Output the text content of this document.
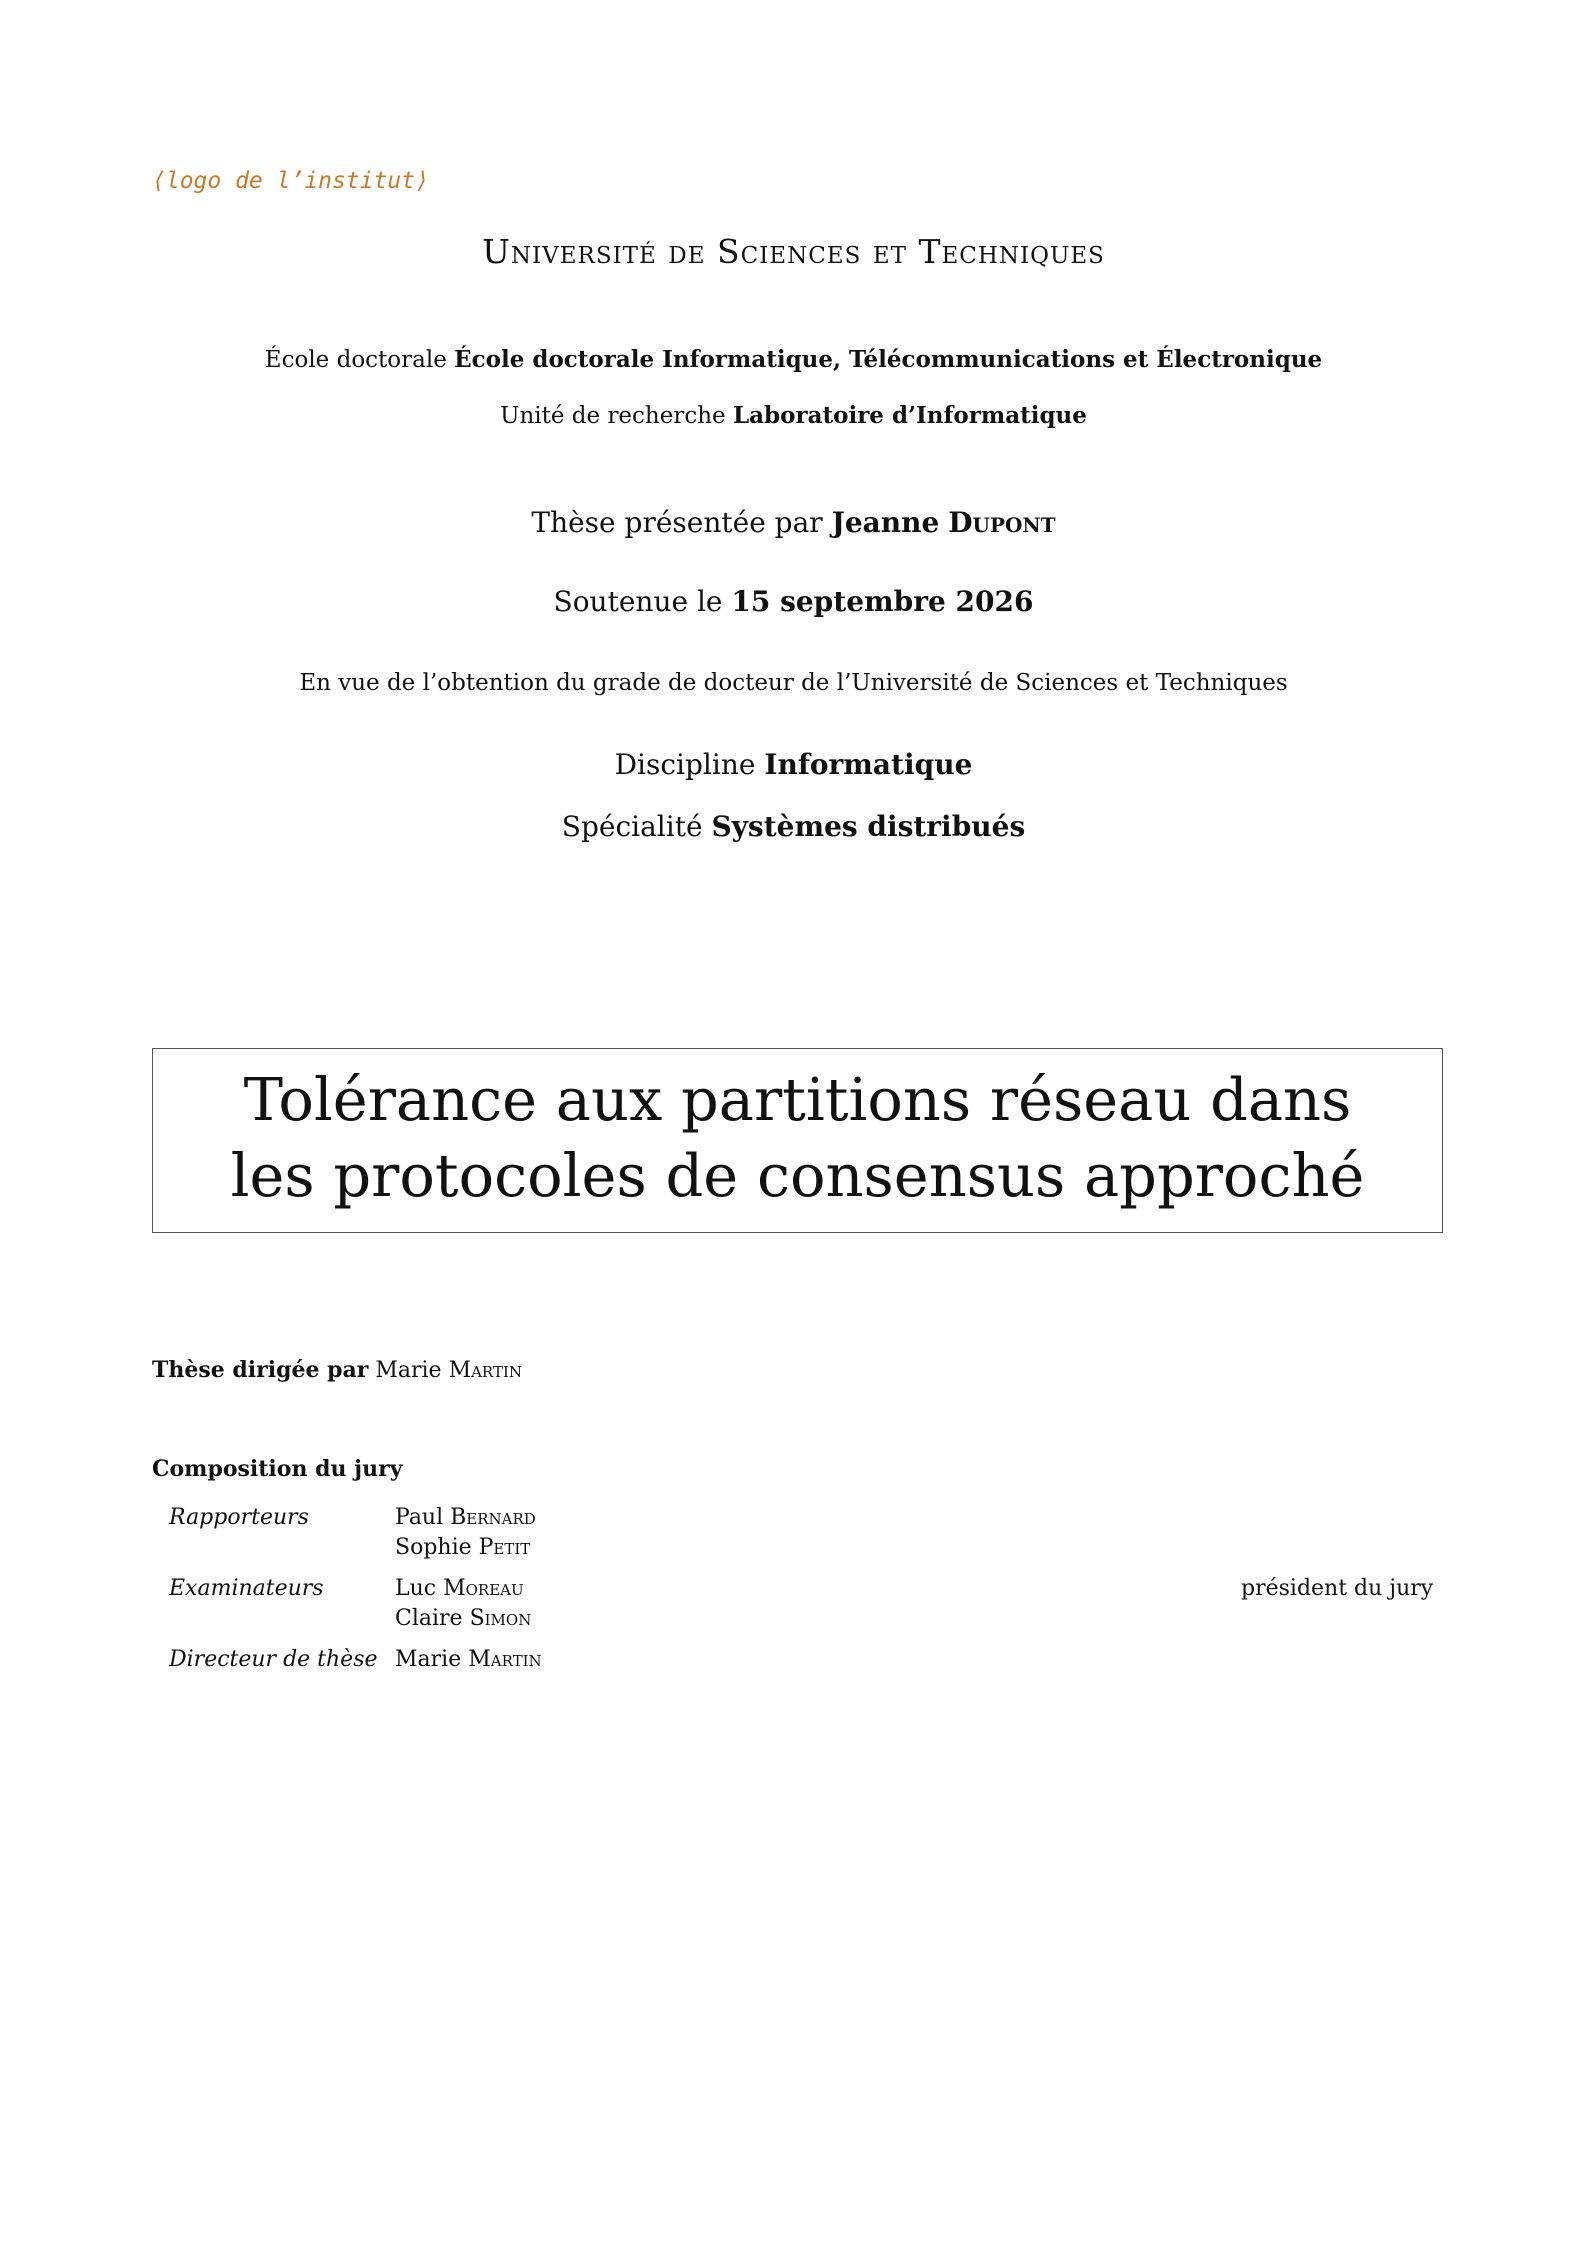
⟨logo de l’institut⟩
Université de Sciences et Techniques
École doctorale École doctorale Informatique, Télécommunications et Électronique
Unité de recherche Laboratoire d’Informatique
Thèse présentée par Jeanne Dupont
Soutenue le 15 septembre 2026
En vue de l’obtention du grade de docteur de l’Université de Sciences et Techniques
Discipline Informatique
Spécialité Systèmes distribués
Tolérance aux partitions réseau dans
les protocoles de consensus approché
Thèse dirigée par Marie Martin
Composition du jury
Rapporteurs	Paul Bernard
Sophie Petit
Examinateurs	Luc Moreau	président du jury
Claire Simon
Directeur de thèse Marie Martin
